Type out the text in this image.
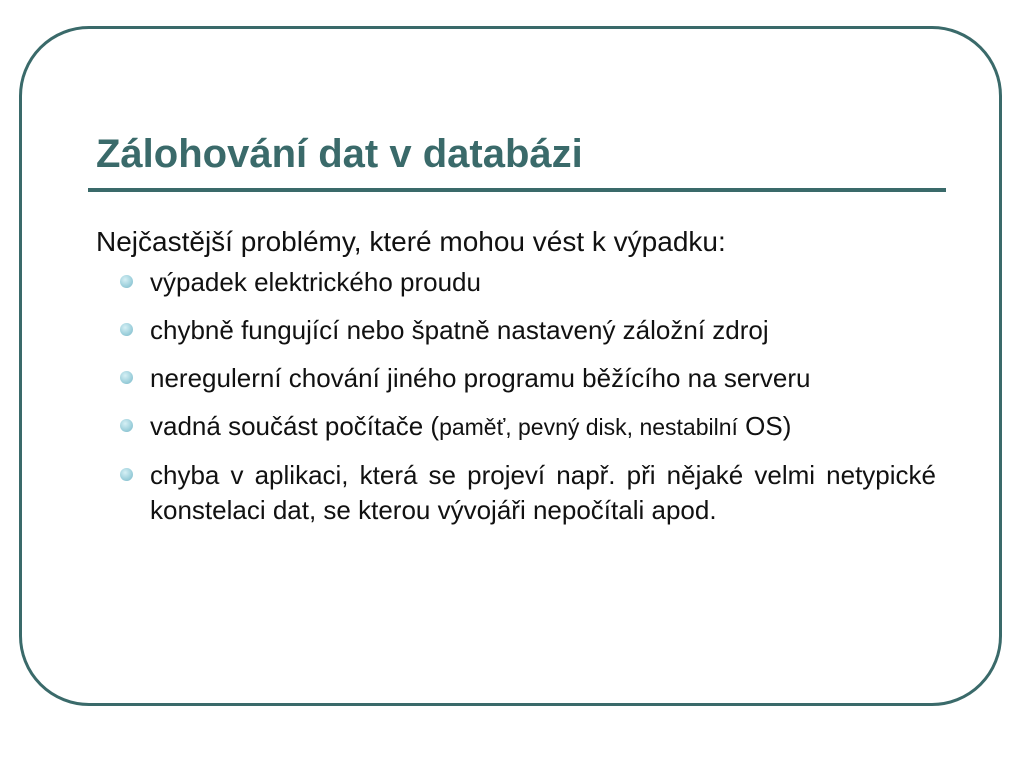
Zálohování dat v databázi

Nejčastější problémy, které mohou vést k výpadku:

výpadek elektrického proudu
chybně fungující nebo špatně nastavený záložní zdroj
neregulerní chování jiného programu běžícího na serveru
vadná součást počítače (paměť, pevný disk, nestabilní OS)
chyba v aplikaci, která se projeví např. při nějaké velmi netypické konstelaci dat, se kterou vývojáři nepočítali apod.
